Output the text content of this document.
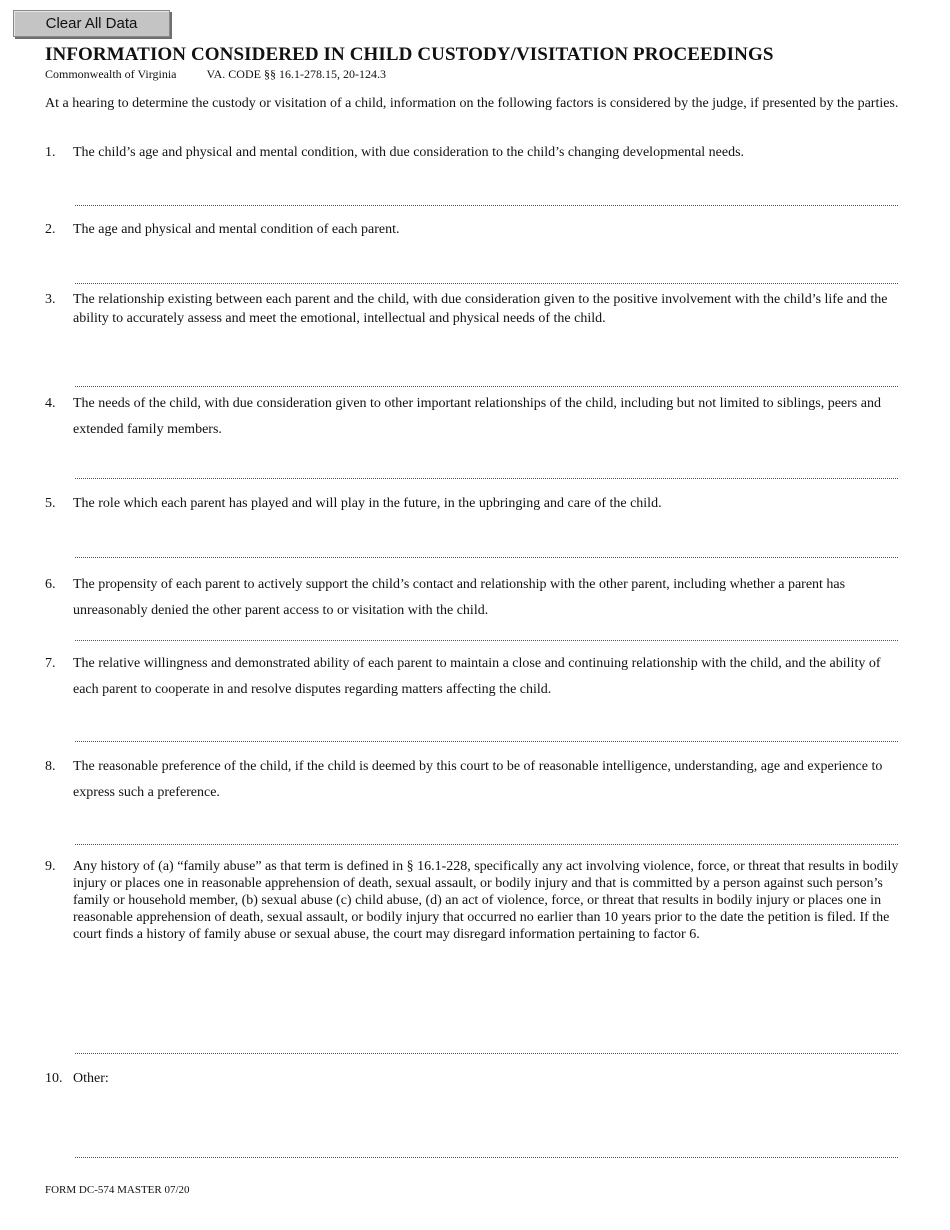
Clear All Data
INFORMATION CONSIDERED IN CHILD CUSTODY/VISITATION PROCEEDINGS
Commonwealth of Virginia	VA. CODE §§ 16.1-278.15, 20-124.3
At a hearing to determine the custody or visitation of a child, information on the following factors is considered by the judge, if presented by the parties.
1.	The child’s age and physical and mental condition, with due consideration to the child’s changing developmental needs.
2.	The age and physical and mental condition of each parent.
3.	The relationship existing between each parent and the child, with due consideration given to the positive involvement with the child’s life and the ability to accurately assess and meet the emotional, intellectual and physical needs of the child.
4.	The needs of the child, with due consideration given to other important relationships of the child, including but not limited to siblings, peers and extended family members.
5.	The role which each parent has played and will play in the future, in the upbringing and care of the child.
6.	The propensity of each parent to actively support the child’s contact and relationship with the other parent, including whether a parent has unreasonably denied the other parent access to or visitation with the child.
7.	The relative willingness and demonstrated ability of each parent to maintain a close and continuing relationship with the child, and the ability of each parent to cooperate in and resolve disputes regarding matters affecting the child.
8.	The reasonable preference of the child, if the child is deemed by this court to be of reasonable intelligence, understanding, age and experience to express such a preference.
9.	Any history of (a) “family abuse” as that term is defined in § 16.1-228, specifically any act involving violence, force, or threat that results in bodily injury or places one in reasonable apprehension of death, sexual assault, or bodily injury and that is committed by a person against such person’s family or household member, (b) sexual abuse (c) child abuse, (d) an act of violence, force, or threat that results in bodily injury or places one in reasonable apprehension of death, sexual assault, or bodily injury that occurred no earlier than 10 years prior to the date the petition is filed. If the court finds a history of family abuse or sexual abuse, the court may disregard information pertaining to factor 6.
10. Other:
FORM DC-574 MASTER 07/20
